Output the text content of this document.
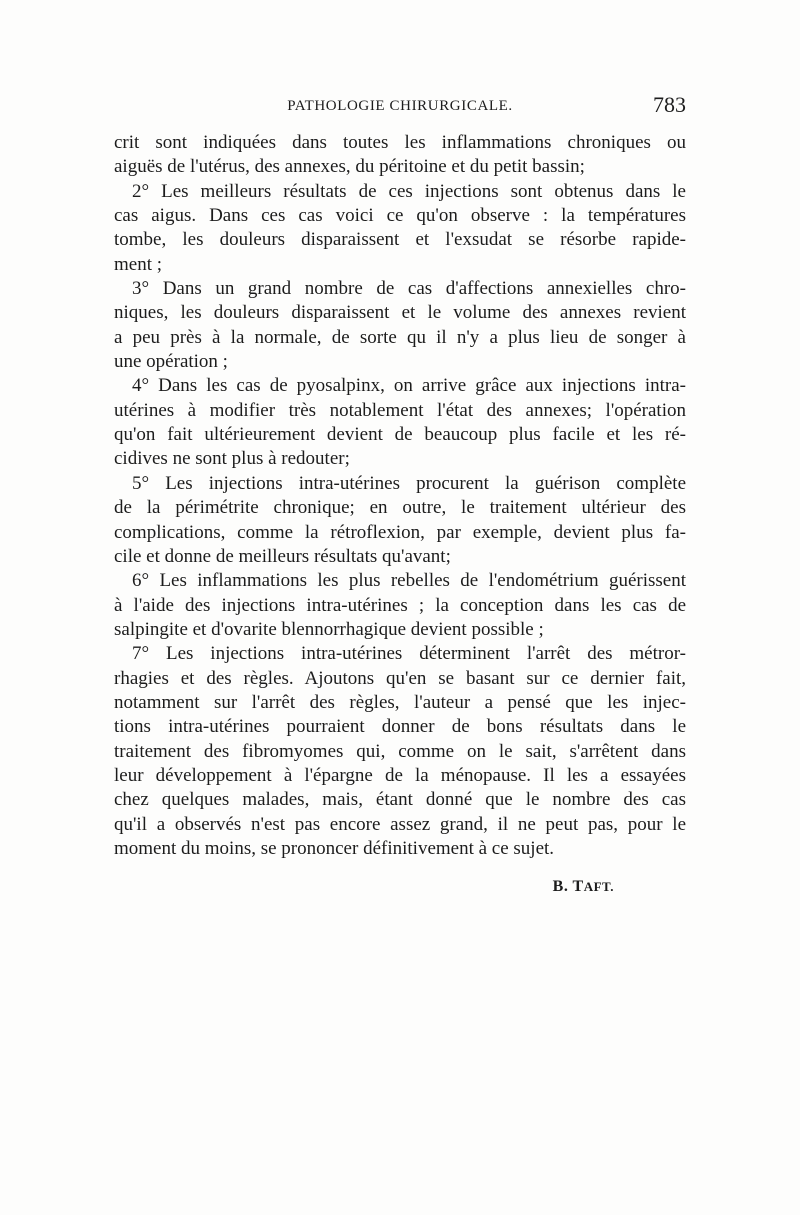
PATHOLOGIE CHIRURGICALE.	783
crit sont indiquées dans toutes les inflammations chroniques ou
aiguës de l'utérus, des annexes, du péritoine et du petit bassin;
2° Les meilleurs résultats de ces injections sont obtenus dans le
cas aigus. Dans ces cas voici ce qu'on observe : la températures
tombe, les douleurs disparaissent et l'exsudat se résorbe rapide-
ment ;
3° Dans un grand nombre de cas d'affections annexielles chro-
niques, les douleurs disparaissent et le volume des annexes revient
a peu près à la normale, de sorte qu il n'y a plus lieu de songer à
une opération ;
4° Dans les cas de pyosalpinx, on arrive grâce aux injections intra-
utérines à modifier très notablement l'état des annexes; l'opération
qu'on fait ultérieurement devient de beaucoup plus facile et les ré-
cidives ne sont plus à redouter;
5° Les injections intra-utérines procurent la guérison complète
de la périmétrite chronique; en outre, le traitement ultérieur des
complications, comme la rétroflexion, par exemple, devient plus fa-
cile et donne de meilleurs résultats qu'avant;
6° Les inflammations les plus rebelles de l'endométrium guérissent
à l'aide des injections intra-utérines ; la conception dans les cas de
salpingite et d'ovarite blennorrhagique devient possible ;
7° Les injections intra-utérines déterminent l'arrêt des métror-
rhagies et des règles. Ajoutons qu'en se basant sur ce dernier fait,
notamment sur l'arrêt des règles, l'auteur a pensé que les injec-
tions intra-utérines pourraient donner de bons résultats dans le
traitement des fibromyomes qui, comme on le sait, s'arrêtent dans
leur développement à l'épargne de la ménopause. Il les a essayées
chez quelques malades, mais, étant donné que le nombre des cas
qu'il a observés n'est pas encore assez grand, il ne peut pas, pour le
moment du moins, se prononcer définitivement à ce sujet.
B. TAFT.
